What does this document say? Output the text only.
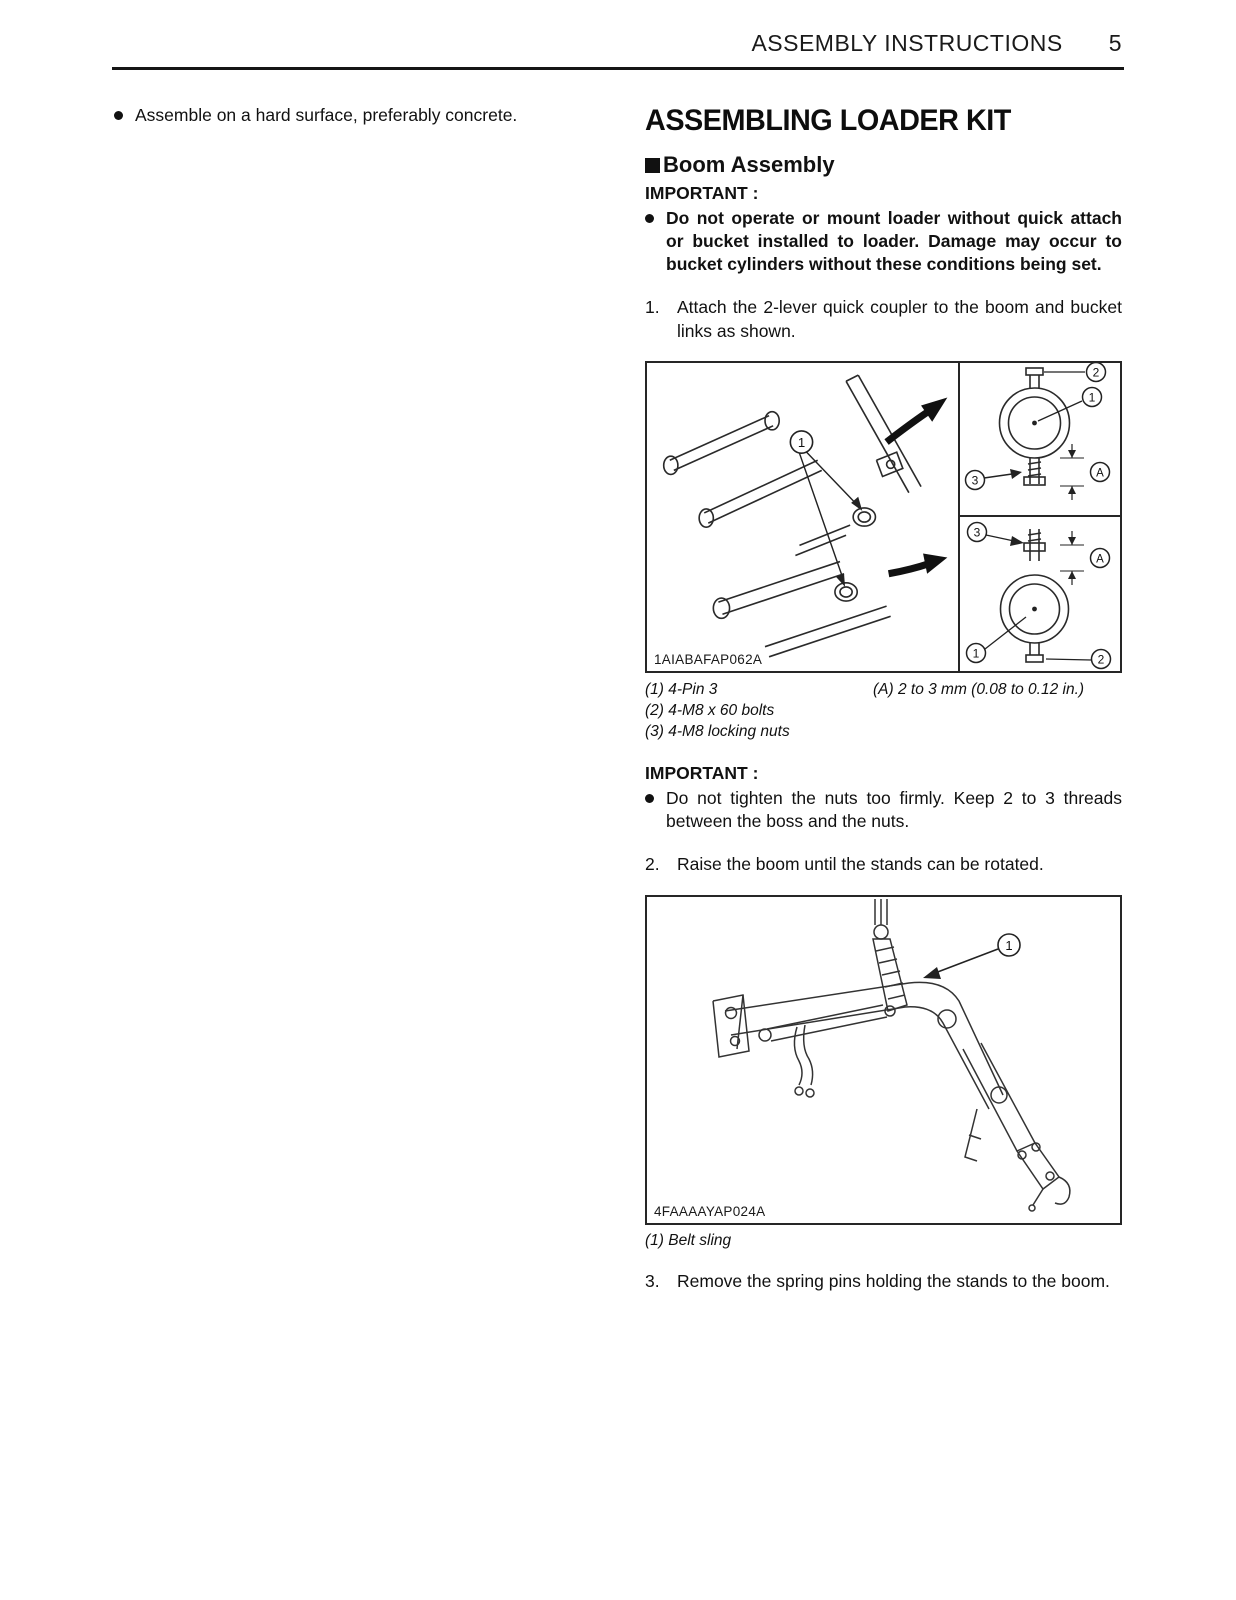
ASSEMBLY INSTRUCTIONS 5
Assemble on a hard surface, preferably concrete.	ASSEMBLING LOADER KIT
Boom Assembly
IMPORTANT :
Do not operate or mount loader without quick attach or bucket installed to loader. Damage may occur to bucket cylinders without these conditions being set.
1. Attach the 2-lever quick coupler to the boom and bucket links as shown.
1
1AIABAFAP062A
2
1
3	A
3
A
1	2
(1) 4-Pin 3
(2) 4-M8 x 60 bolts
(3) 4-M8 locking nuts
(A) 2 to 3 mm (0.08 to 0.12 in.)
IMPORTANT :
Do not tighten the nuts too firmly. Keep 2 to 3 threads between the boss and the nuts.
2. Raise the boom until the stands can be rotated.
1
4FAAAAYAP024A
(1) Belt sling
3. Remove the spring pins holding the stands to the boom.
